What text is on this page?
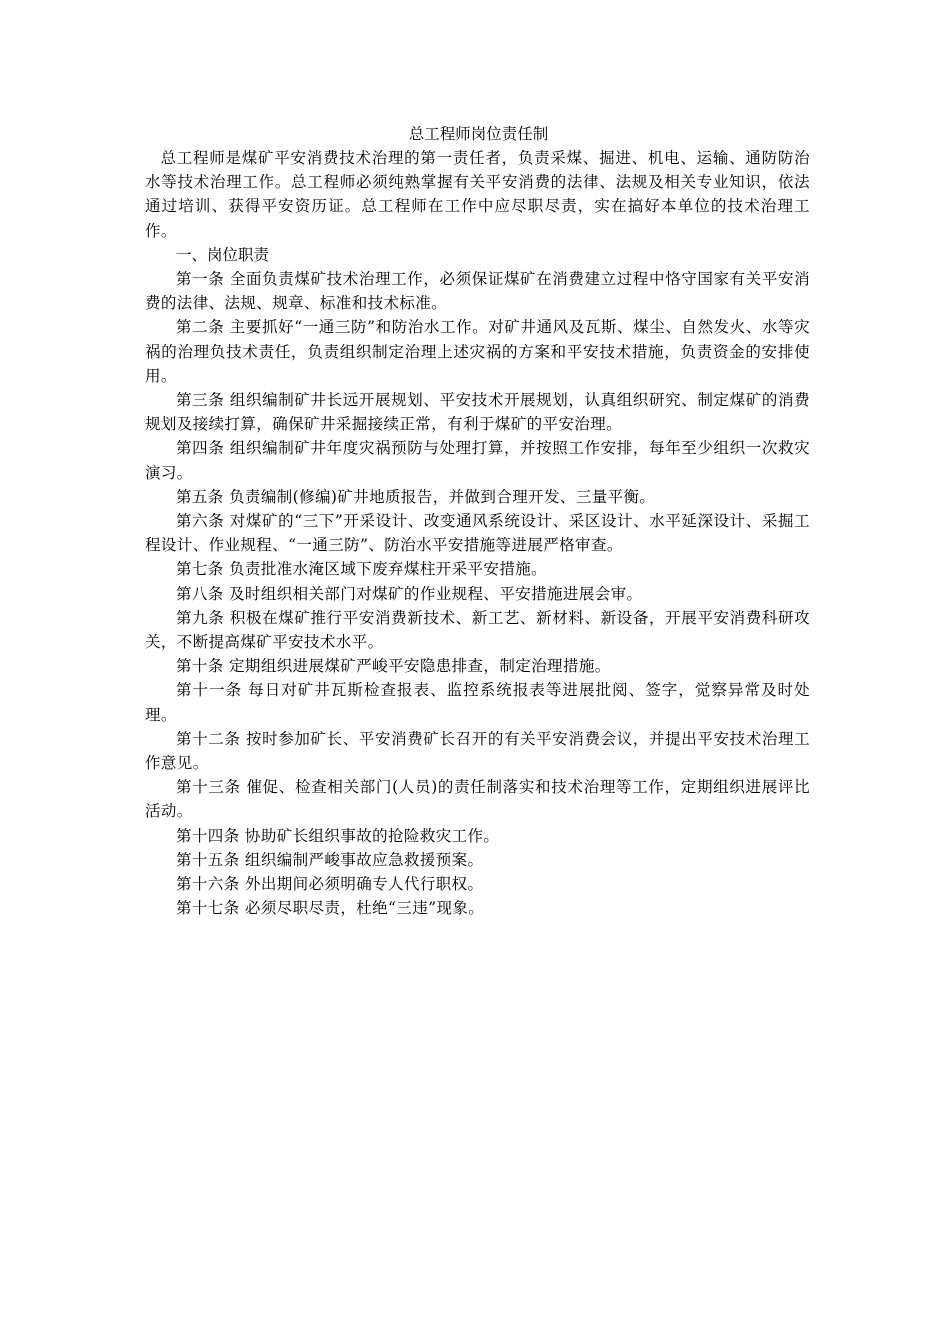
总工程师岗位责任制

总工程师是煤矿平安消费技术治理的第一责任者，负责采煤、掘进、机电、运输、通防防治水等技术治理工作。总工程师必须纯熟掌握有关平安消费的法律、法规及相关专业知识，依法通过培训、获得平安资历证。总工程师在工作中应尽职尽责，实在搞好本单位的技术治理工作。

一、岗位职责

第一条 全面负责煤矿技术治理工作，必须保证煤矿在消费建立过程中恪守国家有关平安消费的法律、法规、规章、标准和技术标准。

第二条 主要抓好“一通三防”和防治水工作。对矿井通风及瓦斯、煤尘、自然发火、水等灾祸的治理负技术责任，负责组织制定治理上述灾祸的方案和平安技术措施，负责资金的安排使用。

第三条 组织编制矿井长远开展规划、平安技术开展规划，认真组织研究、制定煤矿的消费规划及接续打算，确保矿井采掘接续正常，有利于煤矿的平安治理。

第四条 组织编制矿井年度灾祸预防与处理打算，并按照工作安排，每年至少组织一次救灾演习。

第五条 负责编制(修编)矿井地质报告，并做到合理开发、三量平衡。

第六条 对煤矿的“三下”开采设计、改变通风系统设计、采区设计、水平延深设计、采掘工程设计、作业规程、“一通三防”、防治水平安措施等进展严格审查。

第七条 负责批准水淹区域下废弃煤柱开采平安措施。

第八条 及时组织相关部门对煤矿的作业规程、平安措施进展会审。

第九条 积极在煤矿推行平安消费新技术、新工艺、新材料、新设备，开展平安消费科研攻关，不断提高煤矿平安技术水平。

第十条 定期组织进展煤矿严峻平安隐患排查，制定治理措施。

第十一条 每日对矿井瓦斯检查报表、监控系统报表等进展批阅、签字，觉察异常及时处理。

第十二条 按时参加矿长、平安消费矿长召开的有关平安消费会议，并提出平安技术治理工作意见。

第十三条 催促、检查相关部门(人员)的责任制落实和技术治理等工作，定期组织进展评比活动。

第十四条 协助矿长组织事故的抢险救灾工作。

第十五条 组织编制严峻事故应急救援预案。

第十六条 外出期间必须明确专人代行职权。

第十七条 必须尽职尽责，杜绝“三违”现象。
